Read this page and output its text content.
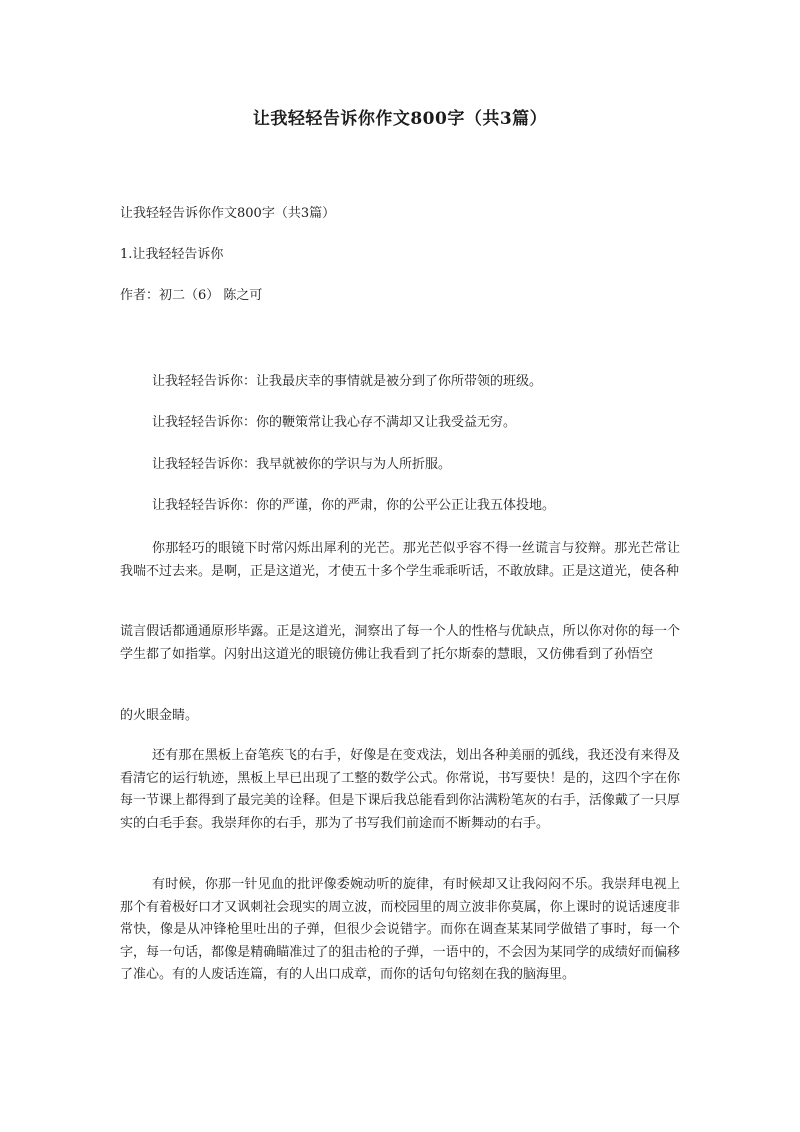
让我轻轻告诉你作文800字（共3篇）
让我轻轻告诉你作文800字（共3篇）
1.让我轻轻告诉你
作者：初二（6） 陈之可

让我轻轻告诉你：让我最庆幸的事情就是被分到了你所带领的班级。

让我轻轻告诉你：你的鞭策常让我心存不满却又让我受益无穷。

让我轻轻告诉你：我早就被你的学识与为人所折服。

让我轻轻告诉你：你的严谨，你的严肃，你的公平公正让我五体投地。

你那轻巧的眼镜下时常闪烁出犀利的光芒。那光芒似乎容不得一丝谎言与狡辩。那光芒常让我喘不过去来。是啊，正是这道光，才使五十多个学生乖乖听话，不敢放肆。正是这道光，使各种

谎言假话都通通原形毕露。正是这道光，洞察出了每一个人的性格与优缺点，所以你对你的每一个学生都了如指掌。闪射出这道光的眼镜仿佛让我看到了托尔斯泰的慧眼，又仿佛看到了孙悟空

的火眼金睛。

还有那在黑板上奋笔疾飞的右手，好像是在变戏法，划出各种美丽的弧线，我还没有来得及看清它的运行轨迹，黑板上早已出现了工整的数学公式。你常说，书写要快！是的，这四个字在你每一节课上都得到了最完美的诠释。但是下课后我总能看到你沾满粉笔灰的右手，活像戴了一只厚实的白毛手套。我崇拜你的右手，那为了书写我们前途而不断舞动的右手。

有时候，你那一针见血的批评像委婉动听的旋律，有时候却又让我闷闷不乐。我崇拜电视上那个有着极好口才又讽刺社会现实的周立波，而校园里的周立波非你莫属，你上课时的说话速度非常快，像是从冲锋枪里吐出的子弹，但很少会说错字。而你在调查某某同学做错了事时，每一个字，每一句话，都像是精确瞄准过了的狙击枪的子弹，一语中的，不会因为某同学的成绩好而偏移了准心。有的人废话连篇，有的人出口成章，而你的话句句铭刻在我的脑海里。
